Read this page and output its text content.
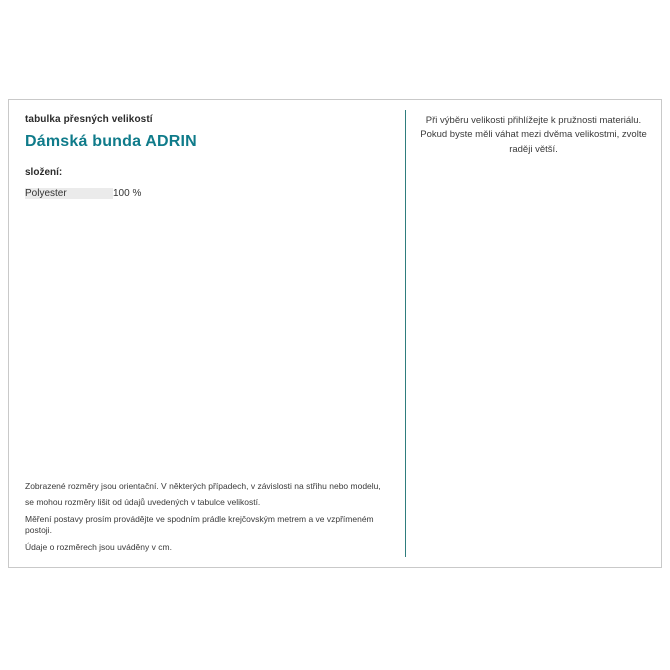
tabulka přesných velikostí
Dámská bunda ADRIN
složení:
Polyester	100 %

Zobrazené rozměry jsou orientační. V některých případech, v závislosti na střihu nebo modelu,

se mohou rozměry lišit od údajů uvedených v tabulce velikostí.

Měření postavy prosím provádějte ve spodním prádle krejčovským metrem a ve vzpřímeném postoji.

Údaje o rozměrech jsou uváděny v cm.

Při výběru velikosti přihlížejte k pružnosti materiálu. Pokud byste měli váhat mezi dvěma velikostmi, zvolte raději větší.
